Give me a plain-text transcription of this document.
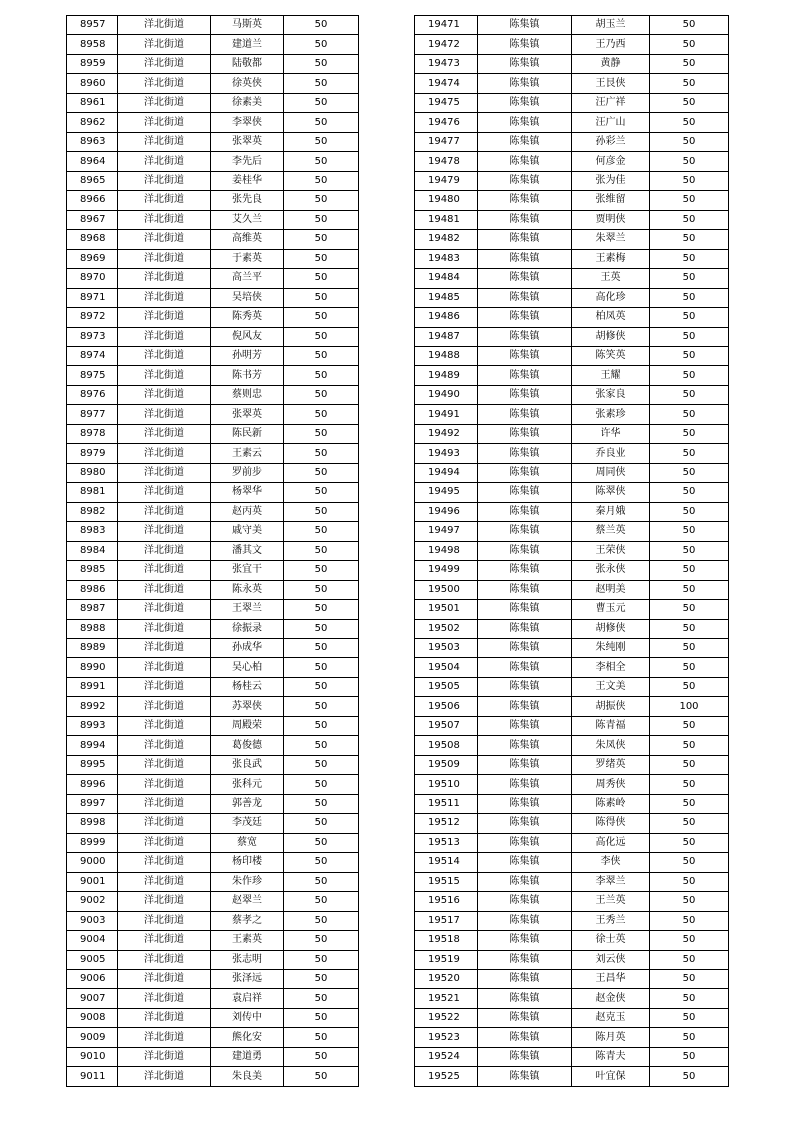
8957	洋北街道	马斯英	50
8958	洋北街道	建道兰	50
8959	洋北街道	陆敬都	50
8960	洋北街道	徐英侠	50
8961	洋北街道	徐素美	50
8962	洋北街道	李翠侠	50
8963	洋北街道	张翠英	50
8964	洋北街道	李先后	50
8965	洋北街道	姜桂华	50
8966	洋北街道	张先良	50
8967	洋北街道	艾久兰	50
8968	洋北街道	高维英	50
8969	洋北街道	于素英	50
8970	洋北街道	高兰平	50
8971	洋北街道	吴培侠	50
8972	洋北街道	陈秀英	50
8973	洋北街道	倪风友	50
8974	洋北街道	孙明芳	50
8975	洋北街道	陈书芳	50
8976	洋北街道	蔡则忠	50
8977	洋北街道	张翠英	50
8978	洋北街道	陈民新	50
8979	洋北街道	王素云	50
8980	洋北街道	罗前步	50
8981	洋北街道	杨翠华	50
8982	洋北街道	赵丙英	50
8983	洋北街道	戚守美	50
8984	洋北街道	潘其文	50
8985	洋北街道	张宜干	50
8986	洋北街道	陈永英	50
8987	洋北街道	王翠兰	50
8988	洋北街道	徐振录	50
8989	洋北街道	孙成华	50
8990	洋北街道	吴心柏	50
8991	洋北街道	杨桂云	50
8992	洋北街道	苏翠侠	50
8993	洋北街道	周殿荣	50
8994	洋北街道	葛俊德	50
8995	洋北街道	张良武	50
8996	洋北街道	张科元	50
8997	洋北街道	郭善龙	50
8998	洋北街道	李茂廷	50
8999	洋北街道	蔡宽	50
9000	洋北街道	杨印楼	50
9001	洋北街道	朱作珍	50
9002	洋北街道	赵翠兰	50
9003	洋北街道	蔡孝之	50
9004	洋北街道	王素英	50
9005	洋北街道	张志明	50
9006	洋北街道	张泽远	50
9007	洋北街道	袁启祥	50
9008	洋北街道	刘传中	50
9009	洋北街道	熊化安	50
9010	洋北街道	建道勇	50
9011	洋北街道	朱良美	50
19471	陈集镇	胡玉兰	50
19472	陈集镇	王乃西	50
19473	陈集镇	黄静	50
19474	陈集镇	王艮侠	50
19475	陈集镇	汪广祥	50
19476	陈集镇	汪广山	50
19477	陈集镇	孙彩兰	50
19478	陈集镇	何彦金	50
19479	陈集镇	张为佳	50
19480	陈集镇	张维留	50
19481	陈集镇	贾明侠	50
19482	陈集镇	朱翠兰	50
19483	陈集镇	王素梅	50
19484	陈集镇	王英	50
19485	陈集镇	高化珍	50
19486	陈集镇	柏凤英	50
19487	陈集镇	胡修侠	50
19488	陈集镇	陈笑英	50
19489	陈集镇	王耀	50
19490	陈集镇	张家良	50
19491	陈集镇	张素珍	50
19492	陈集镇	许华	50
19493	陈集镇	乔良业	50
19494	陈集镇	周同侠	50
19495	陈集镇	陈翠侠	50
19496	陈集镇	秦月娥	50
19497	陈集镇	蔡兰英	50
19498	陈集镇	王荣侠	50
19499	陈集镇	张永侠	50
19500	陈集镇	赵明美	50
19501	陈集镇	曹玉元	50
19502	陈集镇	胡修侠	50
19503	陈集镇	朱纯刚	50
19504	陈集镇	李相全	50
19505	陈集镇	王文美	50
19506	陈集镇	胡振侠	100
19507	陈集镇	陈青福	50
19508	陈集镇	朱凤侠	50
19509	陈集镇	罗绪英	50
19510	陈集镇	周秀侠	50
19511	陈集镇	陈素岭	50
19512	陈集镇	陈得侠	50
19513	陈集镇	高化远	50
19514	陈集镇	李侠	50
19515	陈集镇	李翠兰	50
19516	陈集镇	王兰英	50
19517	陈集镇	王秀兰	50
19518	陈集镇	徐士英	50
19519	陈集镇	刘云侠	50
19520	陈集镇	王昌华	50
19521	陈集镇	赵金侠	50
19522	陈集镇	赵克玉	50
19523	陈集镇	陈月英	50
19524	陈集镇	陈青夫	50
19525	陈集镇	叶宜保	50
